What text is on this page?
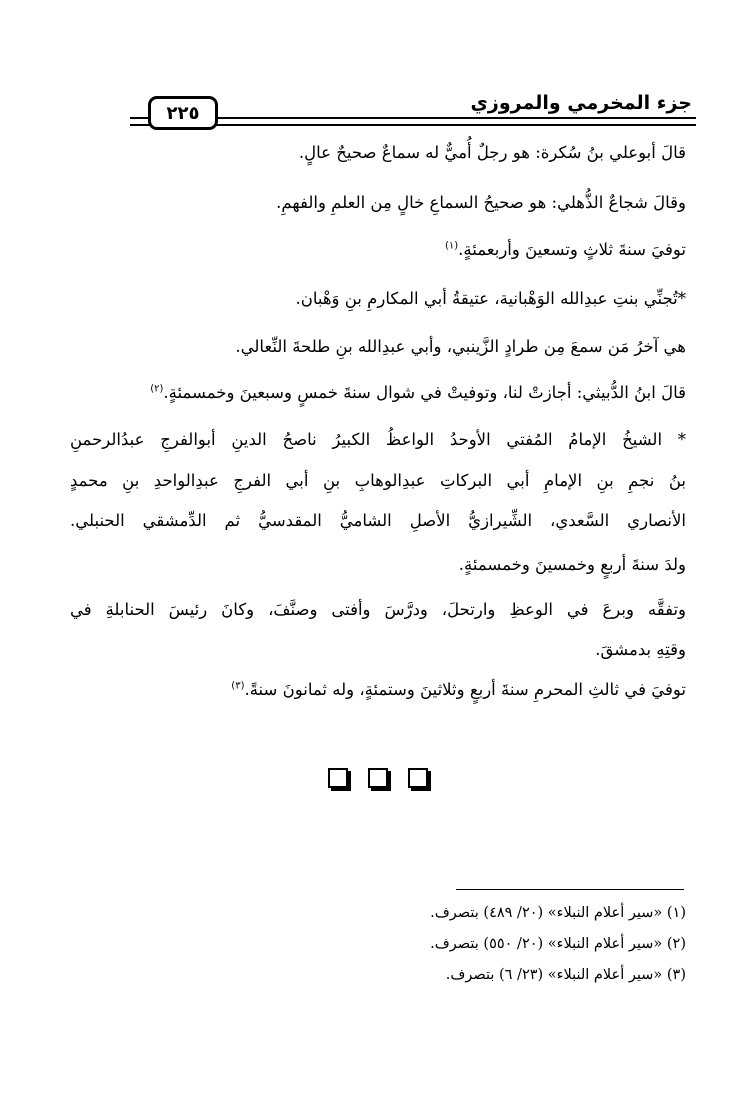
جزء المخرمي والمروزي
٢٢٥
قالَ أبوعلي بنُ سُكرة: هو رجلٌ أُميٌّ له سماعٌ صحيحٌ عالٍ.
وقالَ شجاعٌ الذُّهلي: هو صحيحُ السماعِ خالٍ مِن العلمِ والفهمِ.
توفيَ سنةَ ثلاثٍ وتسعينَ وأربعمئةٍ.$^{(١)}$
*تُجنِّي بنتِ عبدِالله الوَهْبانية، عتيقةُ أبي المكارمِ بنِ وَهْبان.
هي آخرُ مَن سمعَ مِن طرادٍ الزَّينبي، وأبي عبدِالله بنِ طلحةَ النِّعالي.
قالَ ابنُ الدُّبيثي: أجازتْ لنا، وتوفيتْ في شوال سنةَ خمسٍ وسبعينَ وخمسمئةٍ.$^{(٢)}$
* الشيخُ الإمامُ المُفتي الأوحدُ الواعظُ الكبيرُ ناصحُ الدينِ أبوالفرجِ عبدُالرحمنِ
بنُ نجمِ بنِ الإمامِ أبي البركاتِ عبدِالوهابِ بنِ أبي الفرجِ عبدِالواحدِ بنِ محمدٍ
الأنصاري السَّعدي، الشِّيرازيُّ الأصلِ الشاميُّ المقدسيُّ ثم الدِّمشقي الحنبلي.
ولدَ سنةَ أربعٍ وخمسينَ وخمسمئةٍ.
وتفقَّه وبرعَ في الوعظِ وارتحلَ، ودرَّسَ وأفتى وصنَّفَ، وكانَ رئيسَ الحنابلةِ في
وقتِهِ بدمشقَ.
توفيَ في ثالثِ المحرمِ سنةَ أربعٍ وثلاثينَ وستمئةٍ، وله ثمانونَ سنةً.$^{(٣)}$
(١) «سير أعلام النبلاء» (٢٠/ ٤٨٩) بتصرف.
(٢) «سير أعلام النبلاء» (٢٠/ ٥٥٠) بتصرف.
(٣) «سير أعلام النبلاء» (٢٣/ ٦) بتصرف.
